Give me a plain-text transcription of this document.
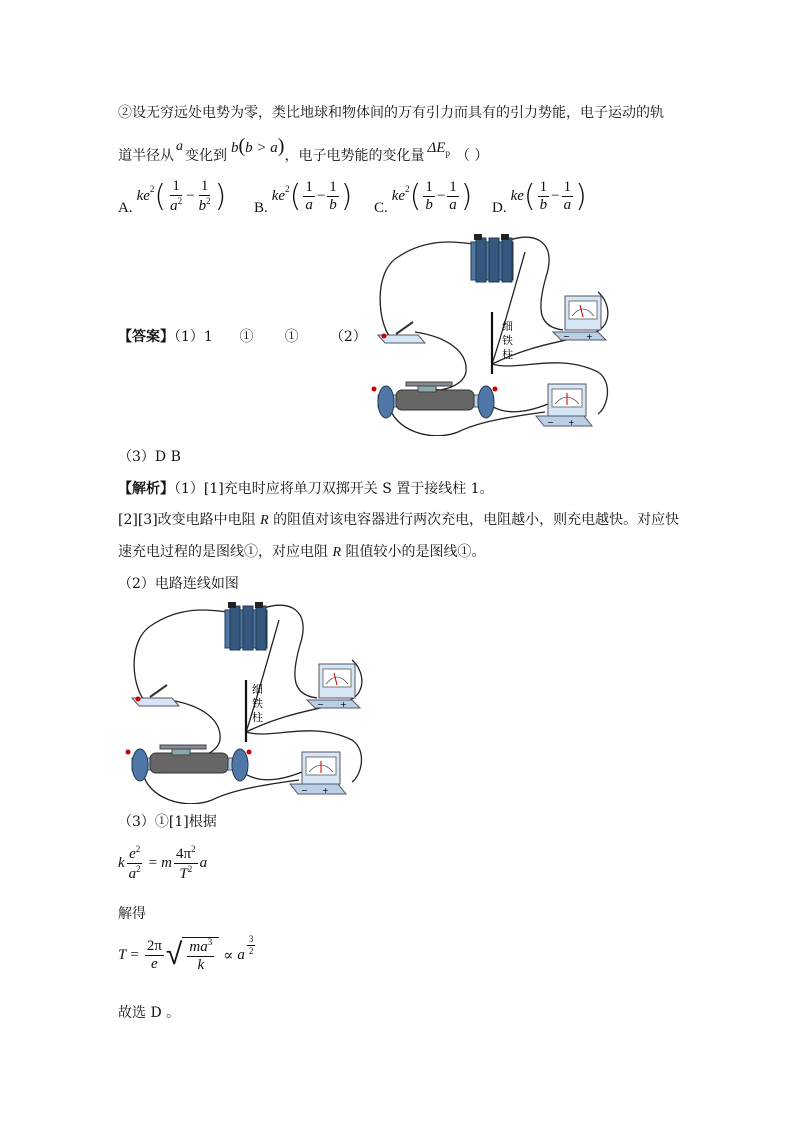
②设无穷远处电势为零，类比地球和物体间的万有引力而具有的引力势能，电子运动的轨
道半径从
a
变化到 b(b > a) ，电子电势能的变化量 $\Delta E_p$ （ ）
A.
$ke^2$ ( $\frac{1}{a^2} - \frac{1}{b^2}$ ) B.
$ke^2$ ( $\frac{1}{a} - \frac{1}{b}$ ) C.
$ke^2$ ( $\frac{1}{b} - \frac{1}{a}$ ) D.
ke ( $\frac{1}{b} - \frac{1}{a}$ )
【答案】（1）1      ①       ①       （2）
细
铁
柱
− +
− +
（3）D B
【解析】（1）[1]充电时应将单刀双掷开关 S 置于接线柱 1。
[2][3]改变电路中电阻 R 的阻值对该电容器进行两次充电，电阻越小，则充电越快。对应快
速充电过程的是图线①，对应电阻 R 阻值较小的是图线①。
（2）电路连线如图
细
铁
柱
− +
− +
（3）①[1]根据
k $\frac{e^2}{a^2} = m \frac{4\pi^2}{T^2}$ a
解得
$T = \frac{2\pi}{e}$ √ $\frac{ma^3}{k} \propto a \frac{3}{2}$
故选 D 。
